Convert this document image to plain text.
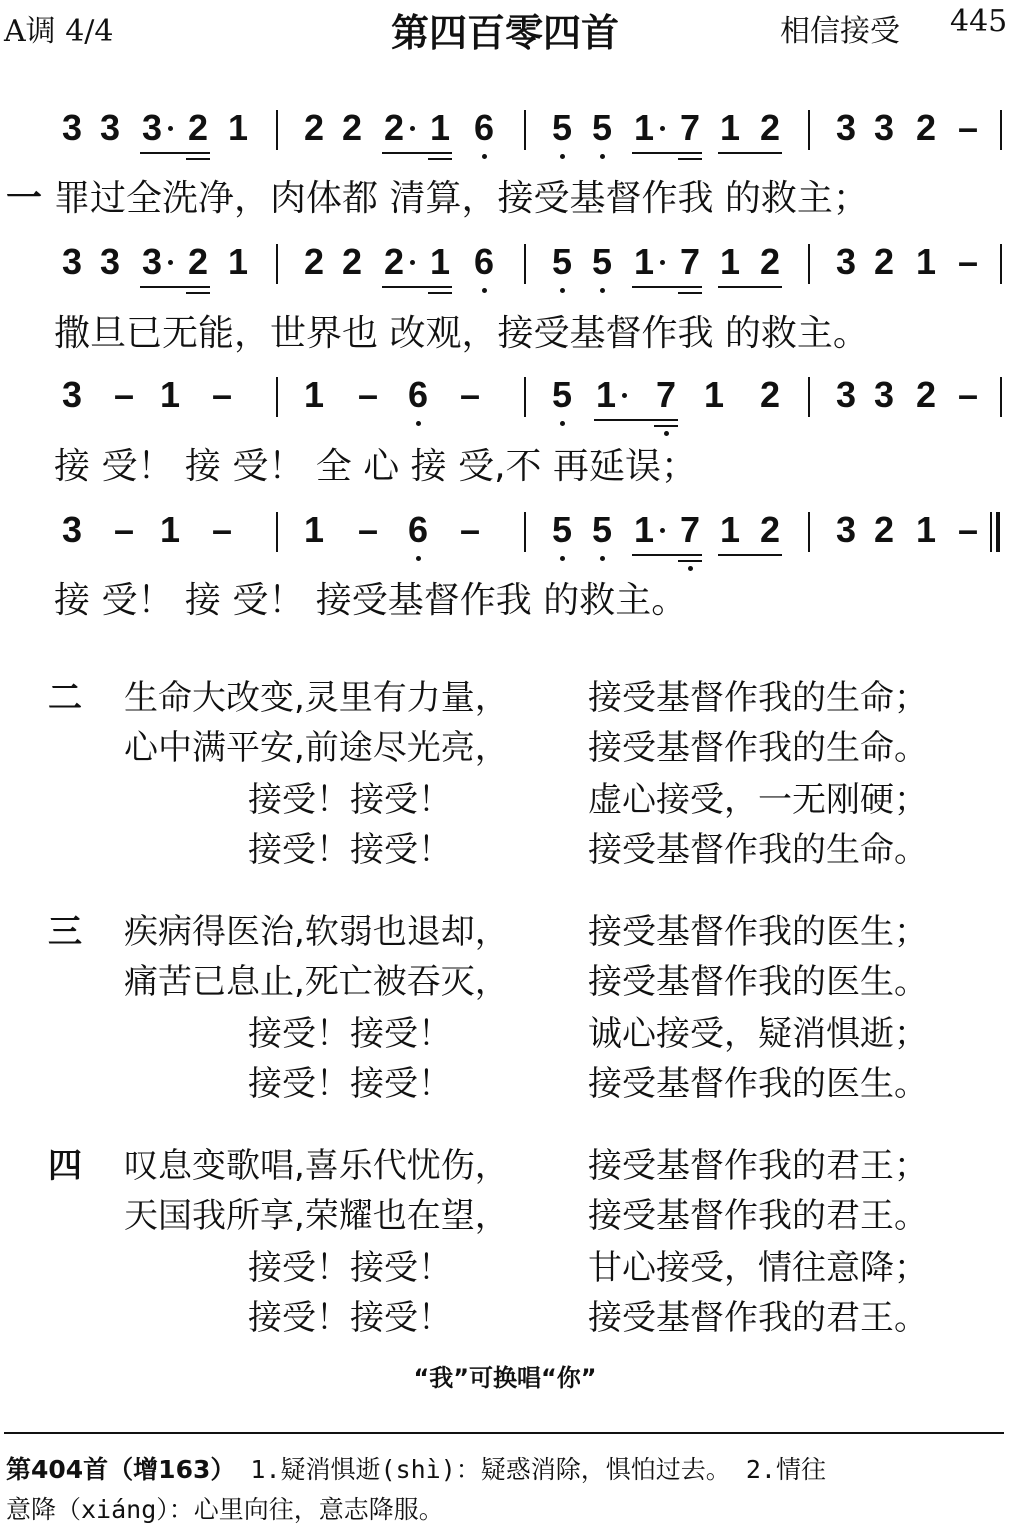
A调 4/4	第四百零四首	相信接受 445
3 3 3 2 1 2 2 2 1 6 5 5 1 7 1 2 3 3 2 –
3 3 3 2 1 2 2 2 1 6 5 5 1 7 1 2 3 2 1 –
3 – 1 – 1 – 6 – 5 1 7 1 2 3 3 2 –
3 – 1 – 1 – 6 – 5 5 1 7 1 2 3 2 1 –
一 罪过全洗净，肉体都 清算，接受基督作我 的救主；
撒旦已无能，世界也 改观，接受基督作我 的救主。
接 受！ 接 受！ 全 心 接 受,不 再延误；
接 受！ 接 受！ 接受基督作我 的救主。
二 生命大改变,灵里有力量， 接受基督作我的生命；
心中满平安,前途尽光亮， 接受基督作我的生命。
接受！接受！	虚心接受，一无刚硬；
接受！接受！	接受基督作我的生命。
三 疾病得医治,软弱也退却， 接受基督作我的医生；
痛苦已息止,死亡被吞灭， 接受基督作我的医生。
接受！接受！	诚心接受，疑消惧逝；
接受！接受！	接受基督作我的医生。
四 叹息变歌唱,喜乐代忧伤， 接受基督作我的君王；
天国我所享,荣耀也在望， 接受基督作我的君王。
接受！接受！	甘心接受，情往意降；
接受！接受！	接受基督作我的君王。
“我”可换唱“你”
第404首（增163） 1.疑消惧逝(shì)：疑惑消除，惧怕过去。 2.情往
意降（xiáng）：心里向往，意志降服。
